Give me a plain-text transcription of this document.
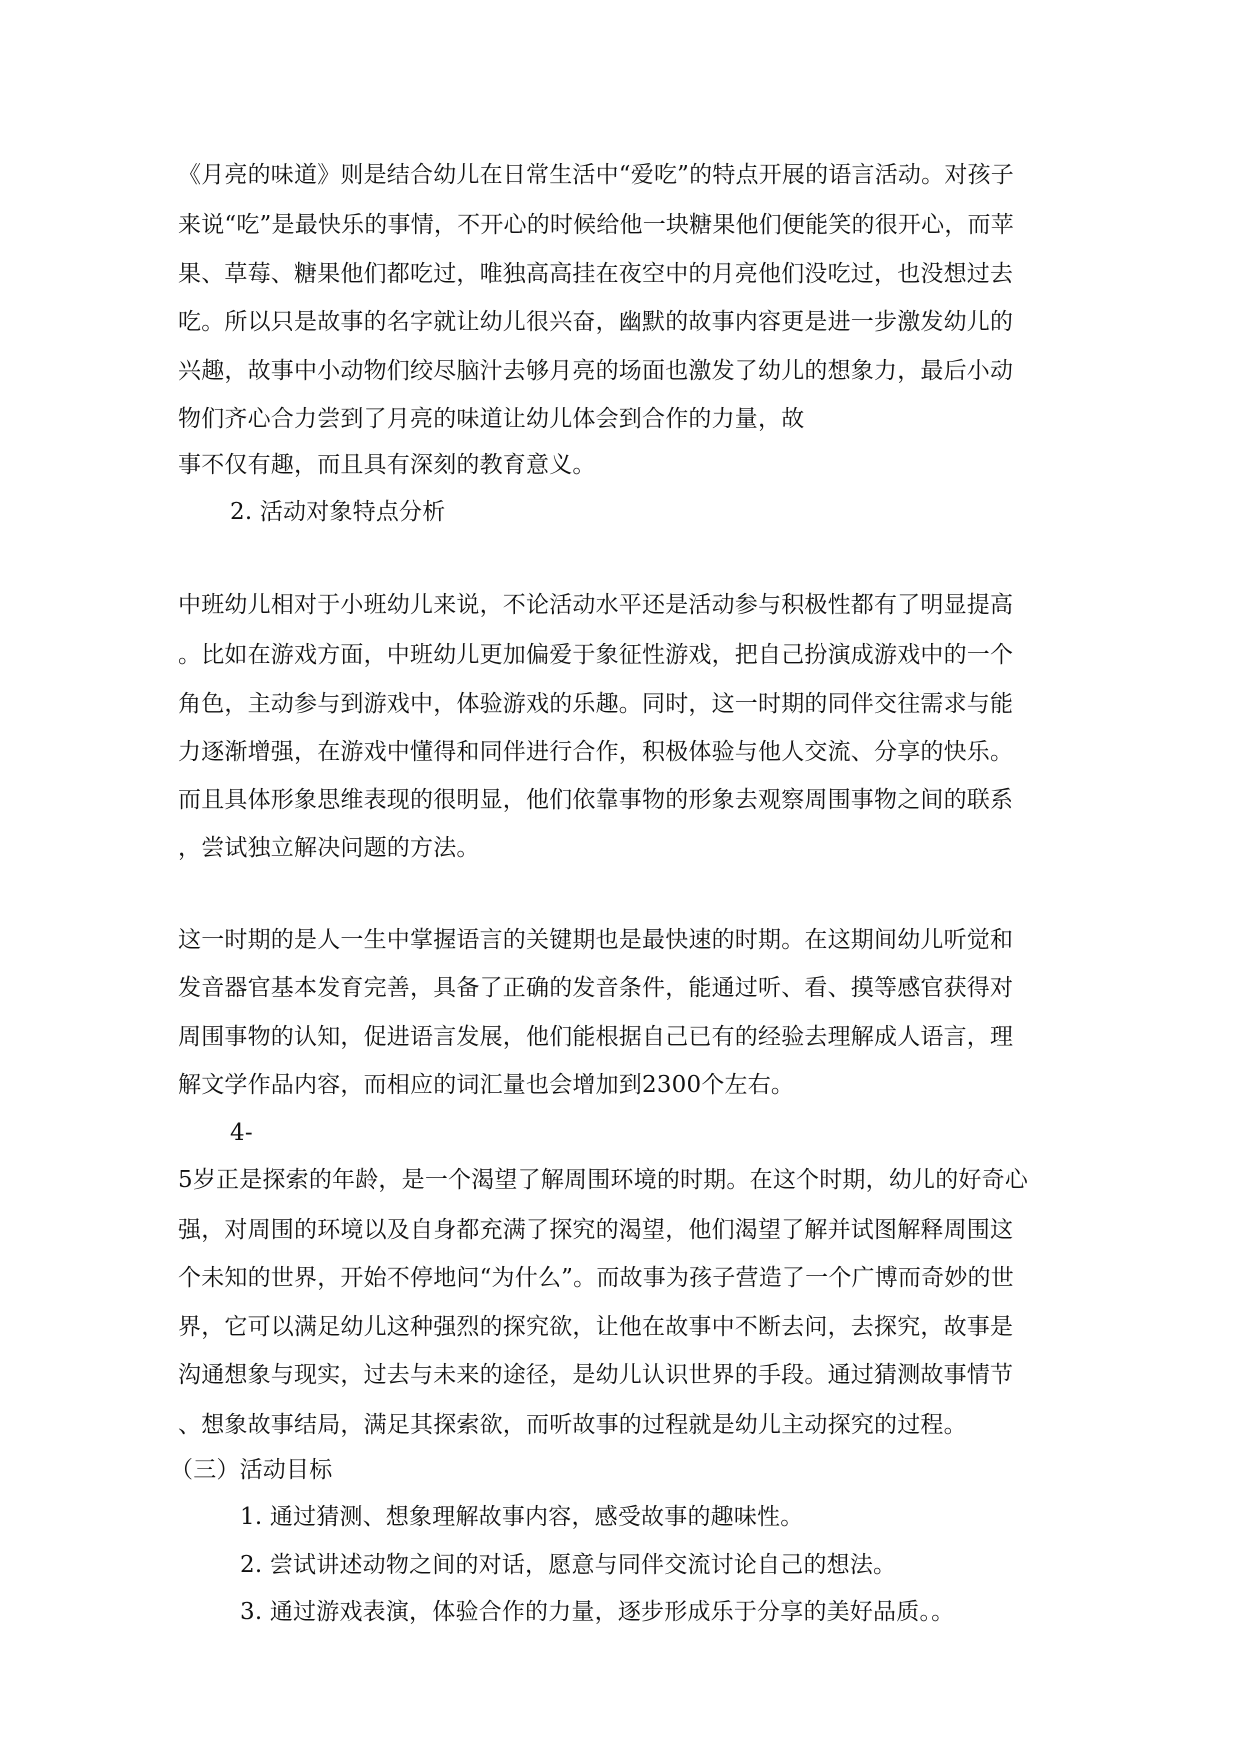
《月亮的味道》则是结合幼儿在日常生活中“爱吃”的特点开展的语言活动。对孩子
来说“吃”是最快乐的事情，不开心的时候给他一块糖果他们便能笑的很开心，而苹
果、草莓、糖果他们都吃过，唯独高高挂在夜空中的月亮他们没吃过，也没想过去
吃。所以只是故事的名字就让幼儿很兴奋，幽默的故事内容更是进一步激发幼儿的
兴趣，故事中小动物们绞尽脑汁去够月亮的场面也激发了幼儿的想象力，最后小动
物们齐心合力尝到了月亮的味道让幼儿体会到合作的力量，故
事不仅有趣，而且具有深刻的教育意义。
2. 活动对象特点分析
中班幼儿相对于小班幼儿来说，不论活动水平还是活动参与积极性都有了明显提高
。比如在游戏方面，中班幼儿更加偏爱于象征性游戏，把自己扮演成游戏中的一个
角色，主动参与到游戏中，体验游戏的乐趣。同时，这一时期的同伴交往需求与能
力逐渐增强，在游戏中懂得和同伴进行合作，积极体验与他人交流、分享的快乐。
而且具体形象思维表现的很明显，他们依靠事物的形象去观察周围事物之间的联系
，尝试独立解决问题的方法。
这一时期的是人一生中掌握语言的关键期也是最快速的时期。在这期间幼儿听觉和
发音器官基本发育完善，具备了正确的发音条件，能通过听、看、摸等感官获得对
周围事物的认知，促进语言发展，他们能根据自己已有的经验去理解成人语言，理
解文学作品内容，而相应的词汇量也会增加到2300个左右。
4-
5岁正是探索的年龄，是一个渴望了解周围环境的时期。在这个时期，幼儿的好奇心
强，对周围的环境以及自身都充满了探究的渴望，他们渴望了解并试图解释周围这
个未知的世界，开始不停地问“为什么”。而故事为孩子营造了一个广博而奇妙的世
界，它可以满足幼儿这种强烈的探究欲，让他在故事中不断去问，去探究，故事是
沟通想象与现实，过去与未来的途径，是幼儿认识世界的手段。通过猜测故事情节
、想象故事结局，满足其探索欲，而听故事的过程就是幼儿主动探究的过程。
（三）活动目标
1. 通过猜测、想象理解故事内容，感受故事的趣味性。
2. 尝试讲述动物之间的对话，愿意与同伴交流讨论自己的想法。
3. 通过游戏表演，体验合作的力量，逐步形成乐于分享的美好品质。。
